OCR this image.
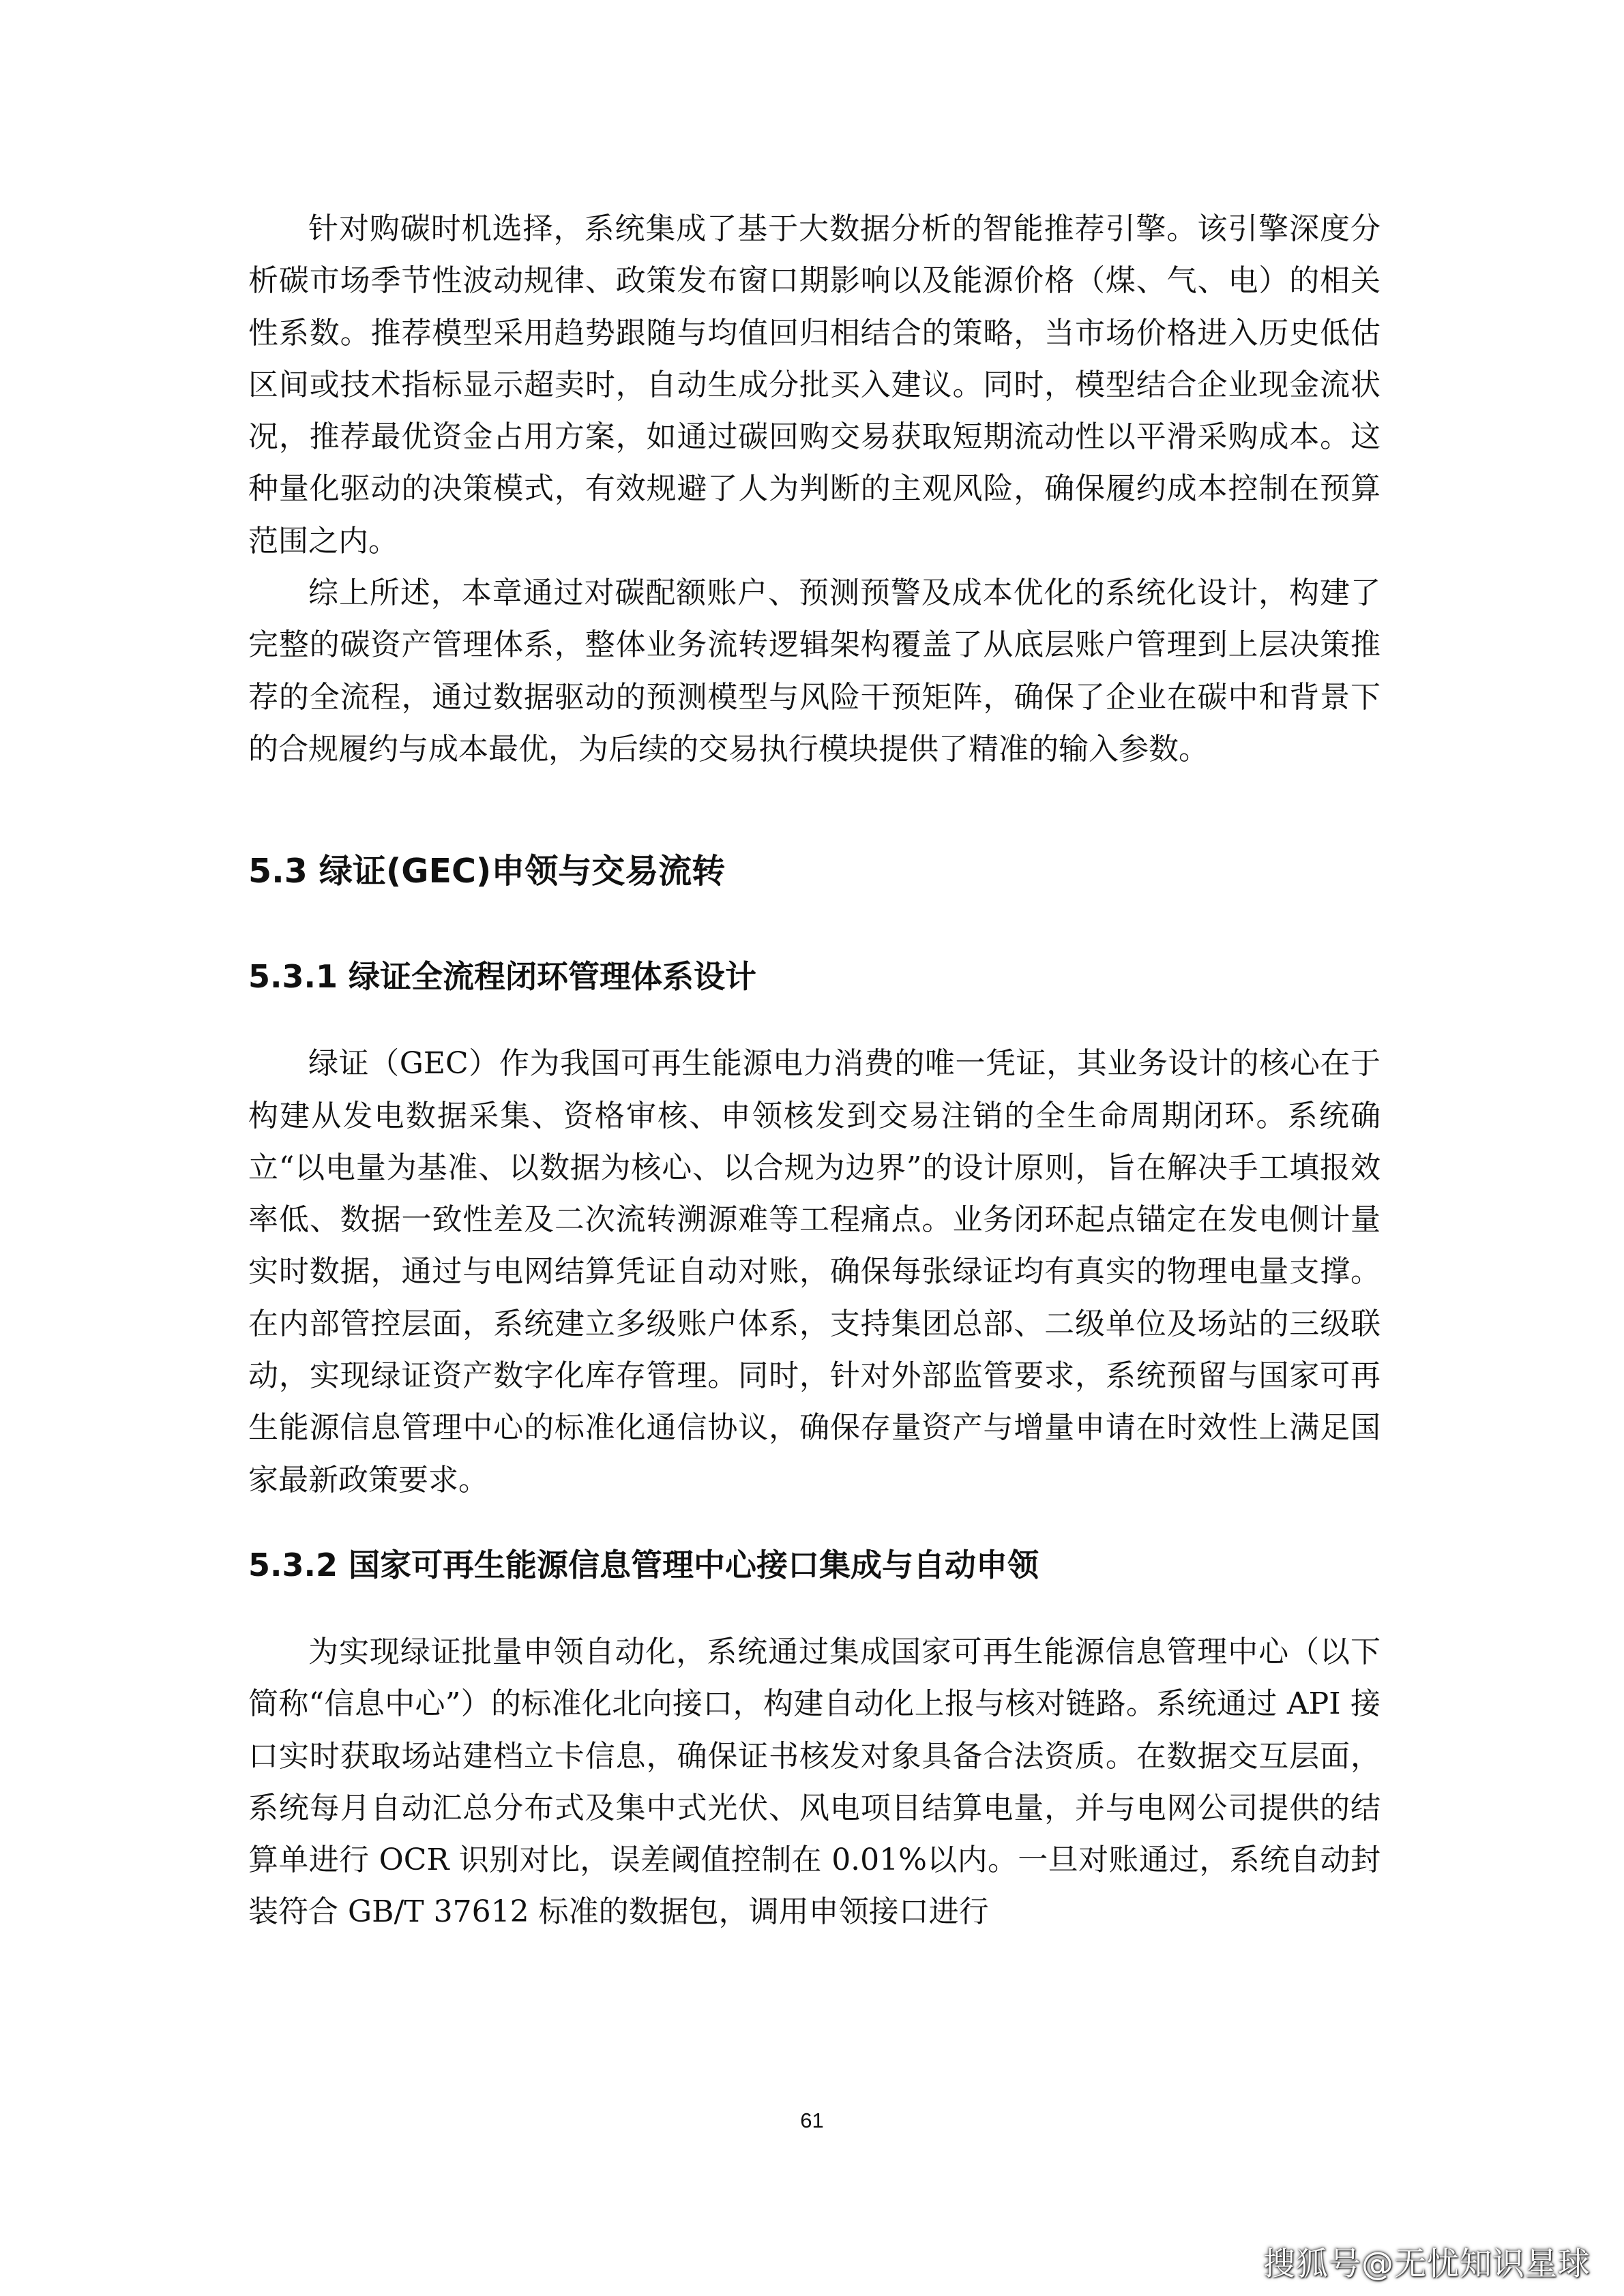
针对购碳时机选择，系统集成了基于大数据分析的智能推荐引擎。该引擎深度分析碳市场季节性波动规律、政策发布窗口期影响以及能源价格（煤、气、电）的相关性系数。推荐模型采用趋势跟随与均值回归相结合的策略，当市场价格进入历史低估区间或技术指标显示超卖时，自动生成分批买入建议。同时，模型结合企业现金流状况，推荐最优资金占用方案，如通过碳回购交易获取短期流动性以平滑采购成本。这种量化驱动的决策模式，有效规避了人为判断的主观风险，确保履约成本控制在预算范围之内。

综上所述，本章通过对碳配额账户、预测预警及成本优化的系统化设计，构建了完整的碳资产管理体系，整体业务流转逻辑架构覆盖了从底层账户管理到上层决策推荐的全流程，通过数据驱动的预测模型与风险干预矩阵，确保了企业在碳中和背景下的合规履约与成本最优，为后续的交易执行模块提供了精准的输入参数。

5.3 绿证(GEC)申领与交易流转
5.3.1 绿证全流程闭环管理体系设计

绿证（GEC）作为我国可再生能源电力消费的唯一凭证，其业务设计的核心在于构建从发电数据采集、资格审核、申领核发到交易注销的全生命周期闭环。系统确立“以电量为基准、以数据为核心、以合规为边界”的设计原则，旨在解决手工填报效率低、数据一致性差及二次流转溯源难等工程痛点。业务闭环起点锚定在发电侧计量实时数据，通过与电网结算凭证自动对账，确保每张绿证均有真实的物理电量支撑。在内部管控层面，系统建立多级账户体系，支持集团总部、二级单位及场站的三级联动，实现绿证资产数字化库存管理。同时，针对外部监管要求，系统预留与国家可再生能源信息管理中心的标准化通信协议，确保存量资产与增量申请在时效性上满足国家最新政策要求。

5.3.2 国家可再生能源信息管理中心接口集成与自动申领

为实现绿证批量申领自动化，系统通过集成国家可再生能源信息管理中心（以下简称“信息中心”）的标准化北向接口，构建自动化上报与核对链路。系统通过 API 接口实时获取场站建档立卡信息，确保证书核发对象具备合法资质。在数据交互层面，系统每月自动汇总分布式及集中式光伏、风电项目结算电量，并与电网公司提供的结算单进行 OCR 识别对比，误差阈值控制在 0.01%以内。一旦对账通过，系统自动封装符合 GB/T 37612 标准的数据包，调用申领接口进行

61
搜狐号@无忧知识星球
